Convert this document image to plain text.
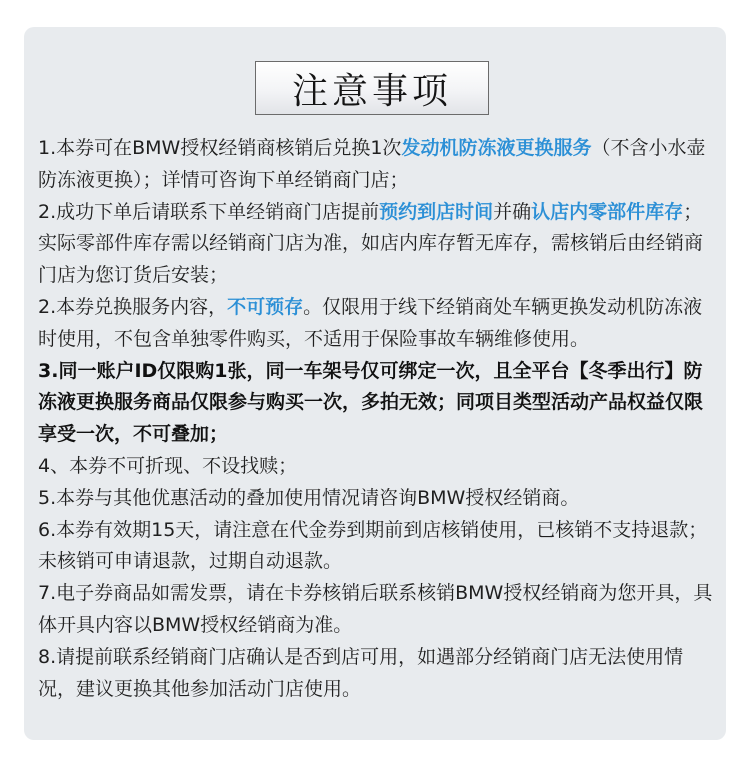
注意事项

1.本券可在BMW授权经销商核销后兑换1次发动机防冻液更换服务（不含小水壶防冻液更换）；详情可咨询下单经销商门店；

2.成功下单后请联系下单经销商门店提前预约到店时间并确认店内零部件库存；实际零部件库存需以经销商门店为准，如店内库存暂无库存，需核销后由经销商门店为您订货后安装；

2.本券兑换服务内容，不可预存。仅限用于线下经销商处车辆更换发动机防冻液时使用，不包含单独零件购买，不适用于保险事故车辆维修使用。

3.同一账户ID仅限购1张，同一车架号仅可绑定一次，且全平台【冬季出行】防冻液更换服务商品仅限参与购买一次，多拍无效；同项目类型活动产品权益仅限享受一次，不可叠加；

4、本券不可折现、不设找赎；

5.本券与其他优惠活动的叠加使用情况请咨询BMW授权经销商。

6.本券有效期15天，请注意在代金券到期前到店核销使用，已核销不支持退款；未核销可申请退款，过期自动退款。

7.电子券商品如需发票，请在卡券核销后联系核销BMW授权经销商为您开具，具体开具内容以BMW授权经销商为准。

8.请提前联系经销商门店确认是否到店可用，如遇部分经销商门店无法使用情况，建议更换其他参加活动门店使用。
